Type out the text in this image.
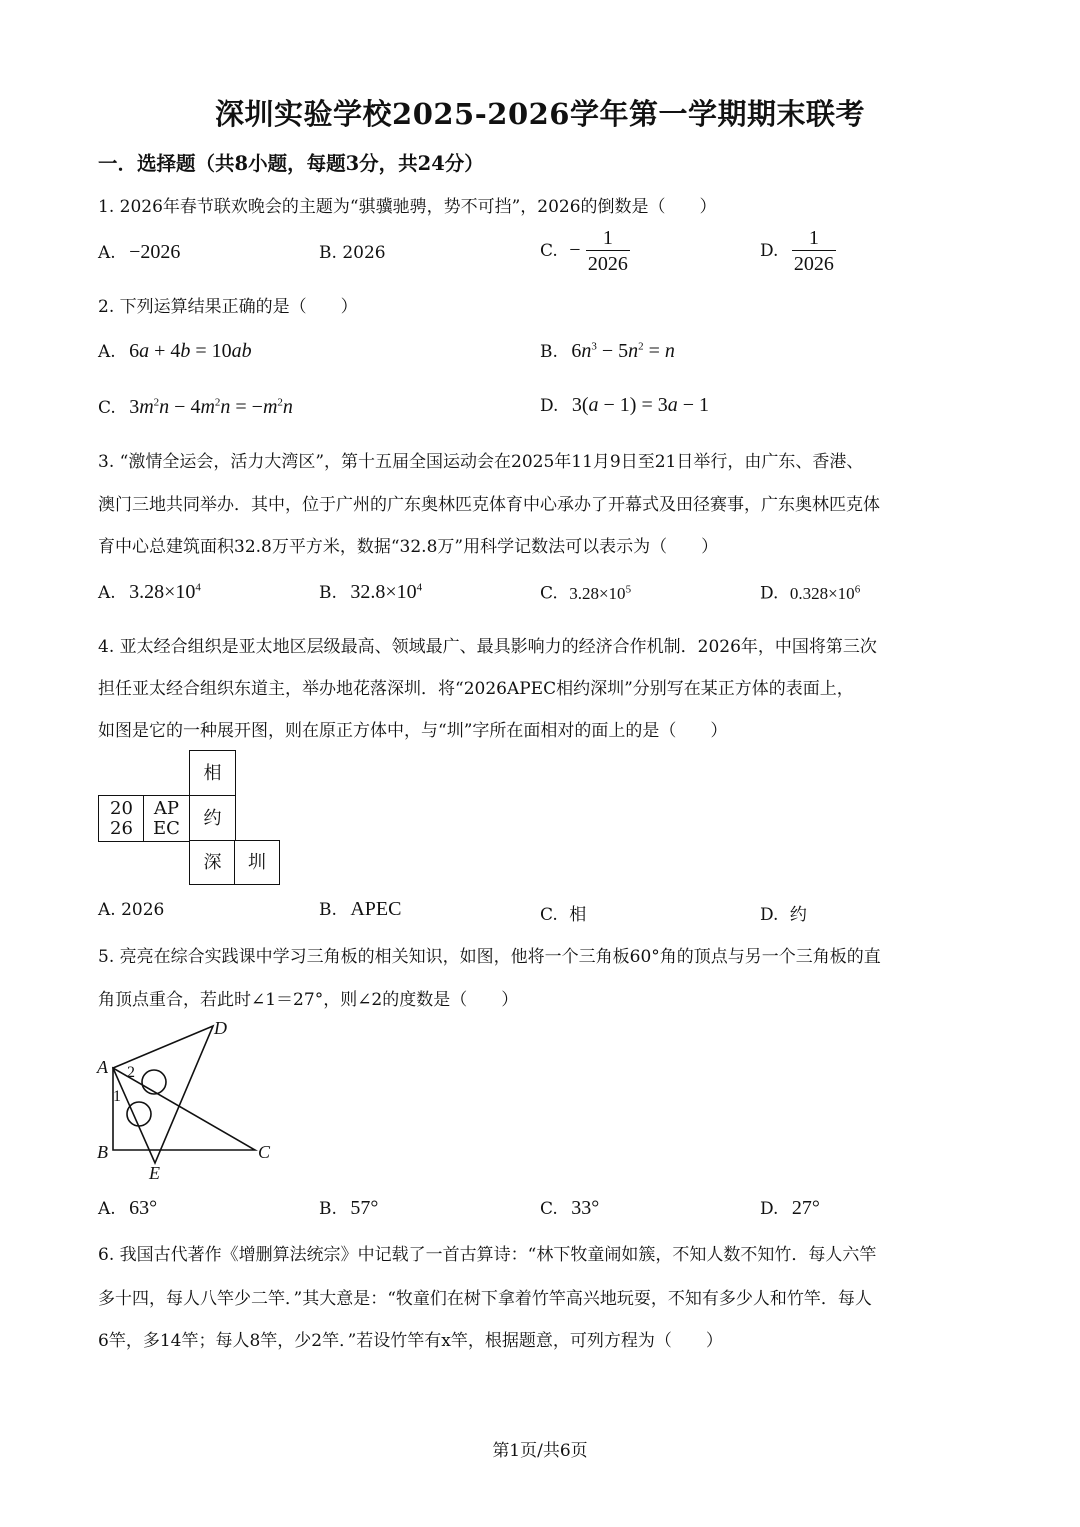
深圳实验学校2025-2026学年第一学期期末联考
一．选择题（共8小题，每题3分，共24分）
1. 2026年春节联欢晚会的主题为“骐骥驰骋，势不可挡”，2026的倒数是（　　）
A. −2026	B. 2026	C. − $\frac{1}{2026}$	D. $\frac{1}{2026}$
2. 下列运算结果正确的是（　　）
A. 6a + 4b = 10ab	B. $6n^3 - 5n^2 = n$
C. $3m^2n - 4m^2n = -m^2n$	D. 3(a − 1) = 3a − 1
3. “激情全运会，活力大湾区”，第十五届全国运动会在2025年11月9日至21日举行，由广东、香港、
澳门三地共同举办．其中，位于广州的广东奥林匹克体育中心承办了开幕式及田径赛事，广东奥林匹克体
育中心总建筑面积32.8万平方米，数据“32.8万”用科学记数法可以表示为（　　）
A. $3.28\times 10^4$	B. $32.8\times 10^4$	C. $3.28\times 10^5$	D. $0.328\times 10^6$
4. 亚太经合组织是亚太地区层级最高、领域最广、最具影响力的经济合作机制．2026年，中国将第三次
担任亚太经合组织东道主，举办地花落深圳．将“2026APEC相约深圳”分别写在某正方体的表面上，
如图是它的一种展开图，则在原正方体中，与“圳”字所在面相对的面上的是（　　）
相
20
26
AP
EC 约
深 圳
A. 2026	B. APEC	C. 相	D. 约
5. 亮亮在综合实践课中学习三角板的相关知识，如图，他将一个三角板60°角的顶点与另一个三角板的直
角顶点重合，若此时∠1＝27°，则∠2的度数是（　　）
A
B	C
D
E
1
2
A. 63°	B. 57°	C. 33°	D. 27°
6. 我国古代著作《增删算法统宗》中记载了一首古算诗：“林下牧童闹如簇，不知人数不知竹．每人六竿
多十四，每人八竿少二竿．”其大意是：“牧童们在树下拿着竹竿高兴地玩耍，不知有多少人和竹竿．每人
6竿，多14竿；每人8竿，少2竿．”若设竹竿有x竿，根据题意，可列方程为（　　）
第1页/共6页
